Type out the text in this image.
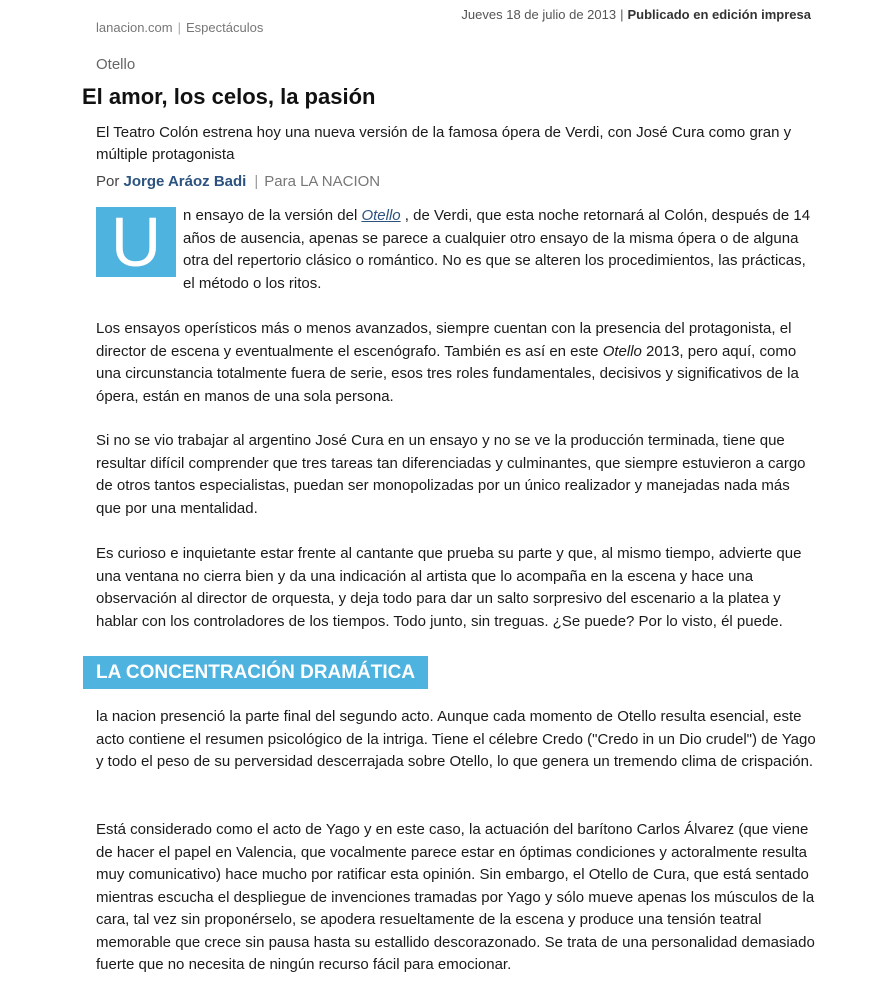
lanacion.com | Espectáculos
Jueves 18 de julio de 2013 | Publicado en edición impresa
Otello
El amor, los celos, la pasión

El Teatro Colón estrena hoy una nueva versión de la famosa ópera de Verdi, con José Cura como gran y múltiple protagonista

Por Jorge Aráoz Badi | Para LA NACION
U	n ensayo de la versión del Otello , de Verdi, que esta noche retornará al Colón, después de 14 años de ausencia, apenas se parece a cualquier otro ensayo de la misma ópera o de alguna otra del repertorio clásico o romántico. No es que se alteren los procedimientos, las prácticas, el método o los ritos.

Los ensayos operísticos más o menos avanzados, siempre cuentan con la presencia del protagonista, el director de escena y eventualmente el escenógrafo. También es así en este Otello 2013, pero aquí, como una circunstancia totalmente fuera de serie, esos tres roles fundamentales, decisivos y significativos de la ópera, están en manos de una sola persona.

Si no se vio trabajar al argentino José Cura en un ensayo y no se ve la producción terminada, tiene que resultar difícil comprender que tres tareas tan diferenciadas y culminantes, que siempre estuvieron a cargo de otros tantos especialistas, puedan ser monopolizadas por un único realizador y manejadas nada más que por una mentalidad.

Es curioso e inquietante estar frente al cantante que prueba su parte y que, al mismo tiempo, advierte que una ventana no cierra bien y da una indicación al artista que lo acompaña en la escena y hace una observación al director de orquesta, y deja todo para dar un salto sorpresivo del escenario a la platea y hablar con los controladores de los tiempos. Todo junto, sin treguas. ¿Se puede? Por lo visto, él puede.

LA CONCENTRACIÓN DRAMÁTICA

la nacion presenció la parte final del segundo acto. Aunque cada momento de Otello resulta esencial, este acto contiene el resumen psicológico de la intriga. Tiene el célebre Credo ("Credo in un Dio crudel") de Yago y todo el peso de su perversidad descerrajada sobre Otello, lo que genera un tremendo clima de crispación.

Está considerado como el acto de Yago y en este caso, la actuación del barítono Carlos Álvarez (que viene de hacer el papel en Valencia, que vocalmente parece estar en óptimas condiciones y actoralmente resulta muy comunicativo) hace mucho por ratificar esta opinión. Sin embargo, el Otello de Cura, que está sentado mientras escucha el despliegue de invenciones tramadas por Yago y sólo mueve apenas los músculos de la cara, tal vez sin proponérselo, se apodera resueltamente de la escena y produce una tensión teatral memorable que crece sin pausa hasta su estallido descorazonado. Se trata de una personalidad demasiado fuerte que no necesita de ningún recurso fácil para emocionar.
